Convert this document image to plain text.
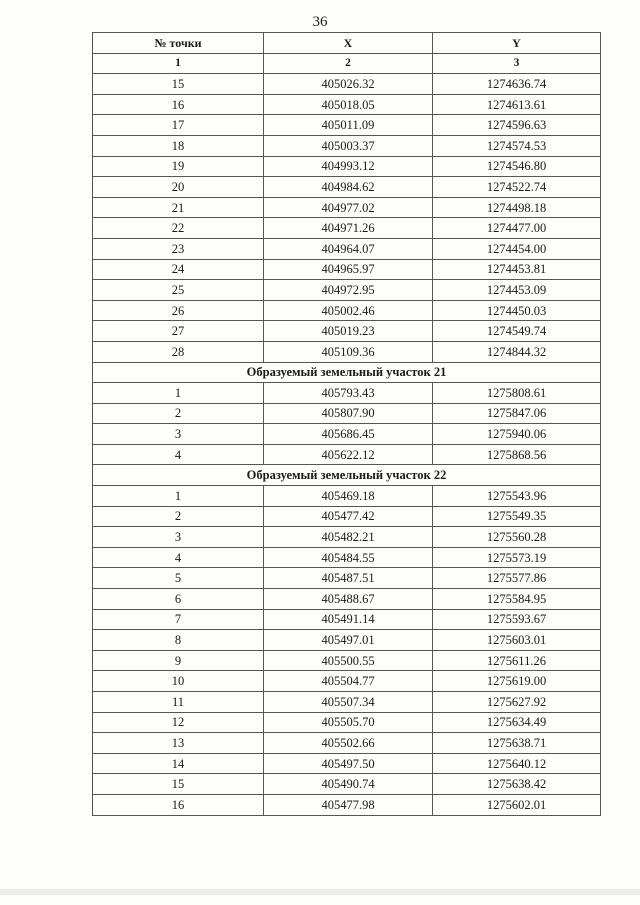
36
№ точки	X	Y
1	2	3
15	405026.32	1274636.74
16	405018.05	1274613.61
17	405011.09	1274596.63
18	405003.37	1274574.53
19	404993.12	1274546.80
20	404984.62	1274522.74
21	404977.02	1274498.18
22	404971.26	1274477.00
23	404964.07	1274454.00
24	404965.97	1274453.81
25	404972.95	1274453.09
26	405002.46	1274450.03
27	405019.23	1274549.74
28	405109.36	1274844.32
Образуемый земельный участок 21		
1	405793.43	1275808.61
2	405807.90	1275847.06
3	405686.45	1275940.06
4	405622.12	1275868.56
Образуемый земельный участок 22		
1	405469.18	1275543.96
2	405477.42	1275549.35
3	405482.21	1275560.28
4	405484.55	1275573.19
5	405487.51	1275577.86
6	405488.67	1275584.95
7	405491.14	1275593.67
8	405497.01	1275603.01
9	405500.55	1275611.26
10	405504.77	1275619.00
11	405507.34	1275627.92
12	405505.70	1275634.49
13	405502.66	1275638.71
14	405497.50	1275640.12
15	405490.74	1275638.42
16	405477.98	1275602.01
